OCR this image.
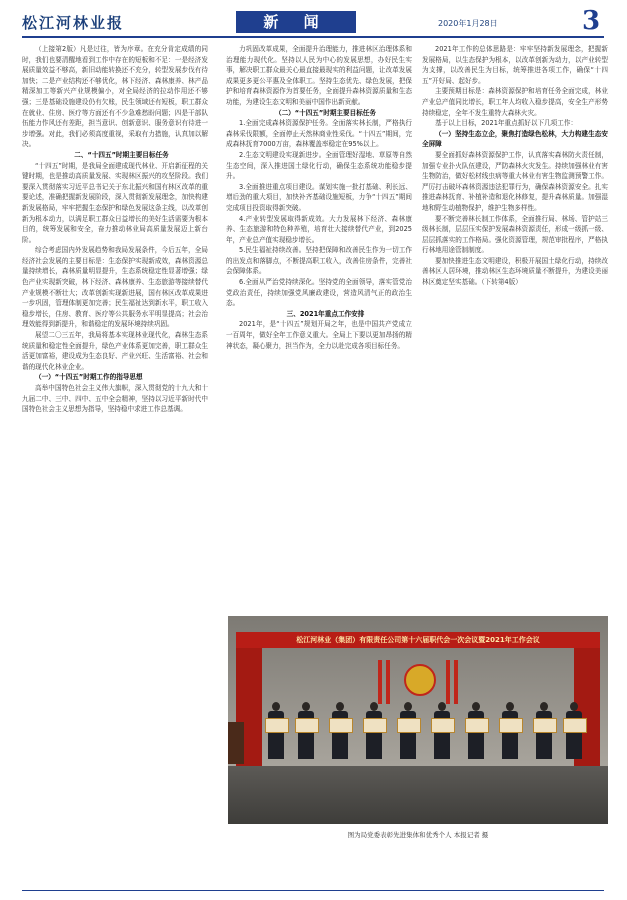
松江河林业报	新 闻	2020年1月28日	3

（上接第2版）凡是过往，皆为序章。在充分肯定成绩的同时，我们也要清醒地看到工作中存在的短板和不足：一是经济发展质量效益不够高，新旧动能转换还不充分，转型发展步伐有待加快；二是产业结构还不够优化，林下经济、森林康养、林产品精深加工等新兴产业规模偏小，对全局经济的拉动作用还不够强；三是基础设施建设仍有欠账，民生领域还有短板，职工群众在就业、住房、医疗等方面还有不少急难愁盼问题；四是干部队伍能力作风还有差距，担当意识、创新意识、服务意识有待进一步增强。对此，我们必须高度重视，采取有力措施，认真加以解决。

二、“十四五”时期主要目标任务

“十四五”时期，是我局全面建成现代林业、开启新征程的关键时期，也是推动高质量发展、实现林区振兴的攻坚阶段。我们要深入贯彻落实习近平总书记关于东北振兴和国有林区改革的重要论述，准确把握新发展阶段，深入贯彻新发展理念，加快构建新发展格局，牢牢把握生态保护和绿色发展这条主线，以改革创新为根本动力，以满足职工群众日益增长的美好生活需要为根本目的，统筹发展和安全，奋力推动林业局高质量发展迈上新台阶。

综合考虑国内外发展趋势和我局发展条件，今后五年，全局经济社会发展的主要目标是：生态保护实现新成效，森林资源总量持续增长，森林质量明显提升，生态系统稳定性显著增强；绿色产业实现新突破，林下经济、森林康养、生态旅游等接续替代产业规模不断壮大；改革创新实现新进展，国有林区改革成果进一步巩固，管理体制更加完善；民生福祉达到新水平，职工收入稳步增长，住房、教育、医疗等公共服务水平明显提高；社会治理效能得到新提升，和谐稳定的发展环境持续巩固。

展望二〇三五年，我局将基本实现林业现代化，森林生态系统质量和稳定性全面提升，绿色产业体系更加完善，职工群众生活更加富裕，建设成为生态良好、产业兴旺、生活富裕、社会和谐的现代化林业企业。

（一）“十四五”时期工作的指导思想

高举中国特色社会主义伟大旗帜，深入贯彻党的十九大和十九届二中、三中、四中、五中全会精神，坚持以习近平新时代中国特色社会主义思想为指导，坚持稳中求进工作总基调。

力巩固改革成果，全面提升治理能力，推进林区治理体系和治理能力现代化。坚持以人民为中心的发展思想，办好民生实事，解决职工群众最关心最直接最现实的利益问题，让改革发展成果更多更公平惠及全体职工。坚持生态优先、绿色发展，把保护和培育森林资源作为首要任务，全面提升森林资源质量和生态功能，为建设生态文明和美丽中国作出新贡献。

（二）“十四五”时期主要目标任务

1.全面完成森林资源保护任务。全面落实林长制，严格执行森林采伐限额，全面停止天然林商业性采伐。“十四五”期间，完成森林抚育7000万亩，森林覆盖率稳定在95%以上。

2.生态文明建设实现新进步。全面管理好湿地、草原等自然生态空间，深入推进国土绿化行动，确保生态系统功能稳步提升。

3.全面推进重点项目建设。谋划实施一批打基础、利长远、增后劲的重大项目，加快补齐基础设施短板，力争“十四五”期间完成项目投资取得新突破。

4.产业转型发展取得新成效。大力发展林下经济、森林康养、生态旅游和特色种养殖，培育壮大接续替代产业，到2025年，产业总产值实现稳步增长。

5.民生福祉持续改善。坚持把保障和改善民生作为一切工作的出发点和落脚点，不断提高职工收入，改善住房条件，完善社会保障体系。

6.全面从严治党持续深化。坚持党的全面领导，落实管党治党政治责任，持续加强党风廉政建设，营造风清气正的政治生态。

三、2021年重点工作安排

2021年，是“十四五”规划开局之年，也是中国共产党成立一百周年，做好全年工作意义重大。全局上下要以更加昂扬的精神状态，凝心聚力，担当作为，全力以赴完成各项目标任务。

2021年工作的总体思路是：牢牢坚持新发展理念，把握新发展格局，以生态保护为根本，以改革创新为动力，以产业转型为支撑，以改善民生为目标，统筹推进各项工作，确保“十四五”开好局、起好步。

主要预期目标是：森林资源保护和培育任务全面完成，林业产业总产值同比增长，职工年人均收入稳步提高，安全生产形势持续稳定，全年不发生重特大森林火灾。

基于以上目标，2021年重点抓好以下几项工作：

（一）坚持生态立企，聚焦打造绿色松林，大力构建生态安全屏障

要全面抓好森林资源保护工作，认真落实森林防火责任制，加强专业扑火队伍建设，严防森林火灾发生。持续加强林业有害生物防治，做好松材线虫病等重大林业有害生物监测预警工作。严厉打击破坏森林资源违法犯罪行为，确保森林资源安全。扎实推进森林抚育、补植补造和退化林修复，提升森林质量。加强湿地和野生动植物保护，维护生物多样性。

要不断完善林长制工作体系，全面推行局、林场、管护站三级林长制，层层压实保护发展森林资源责任，形成一级抓一级、层层抓落实的工作格局。强化资源管理，规范审批程序，严格执行林地用途管制制度。

要加快推进生态文明建设，积极开展国土绿化行动，持续改善林区人居环境，推动林区生态环境质量不断提升，为建设美丽林区奠定坚实基础。（下转第4版）

松江河林业（集团）有限责任公司第十六届职代会一次会议暨2021年工作会议
图为局党委表彰先进集体和优秀个人 本报记者 摄
